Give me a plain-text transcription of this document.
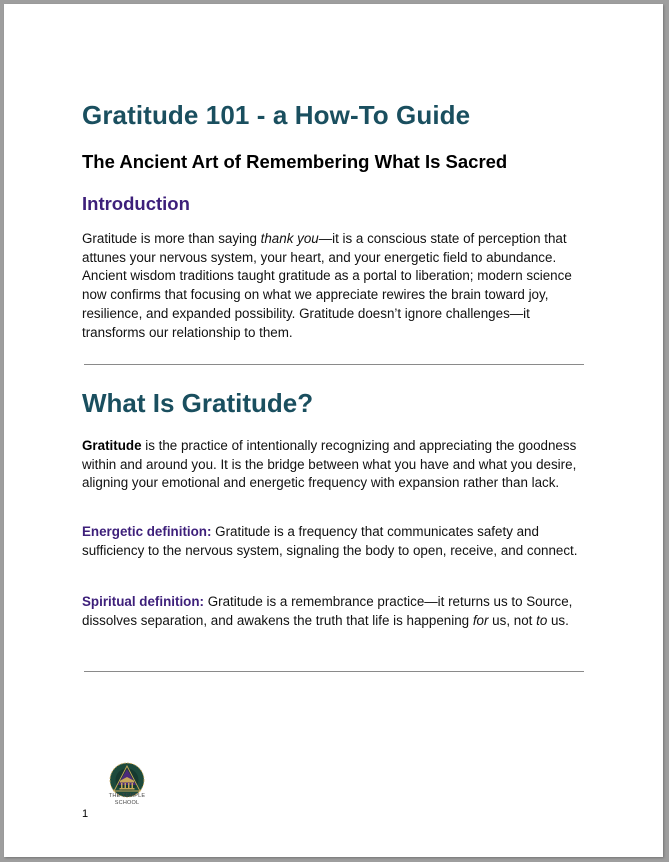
Gratitude 101 - a How-To Guide
The Ancient Art of Remembering What Is Sacred
Introduction

Gratitude is more than saying thank you—it is a conscious state of perception that attunes your nervous system, your heart, and your energetic field to abundance. Ancient wisdom traditions taught gratitude as a portal to liberation; modern science now confirms that focusing on what we appreciate rewires the brain toward joy, resilience, and expanded possibility. Gratitude doesn’t ignore challenges—it transforms our relationship to them.

What Is Gratitude?

Gratitude is the practice of intentionally recognizing and appreciating the goodness within and around you. It is the bridge between what you have and what you desire, aligning your emotional and energetic frequency with expansion rather than lack.

Energetic definition: Gratitude is a frequency that communicates safety and sufficiency to the nervous system, signaling the body to open, receive, and connect.

Spiritual definition: Gratitude is a remembrance practice—it returns us to Source, dissolves separation, and awakens the truth that life is happening for us, not to us.

THE TEMPLE
SCHOOL
1
